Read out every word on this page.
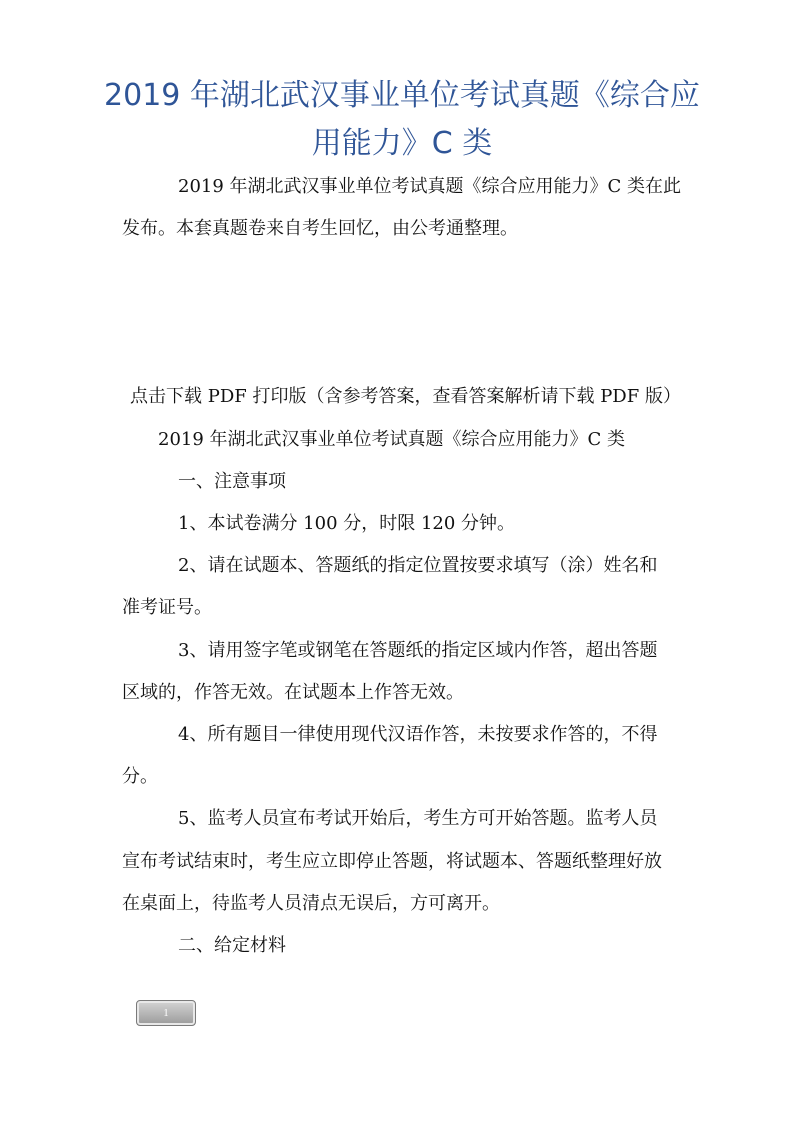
2019 年湖北武汉事业单位考试真题《综合应
用能力》C 类
2019 年湖北武汉事业单位考试真题《综合应用能力》C 类在此
发布。本套真题卷来自考生回忆，由公考通整理。
点击下载 PDF 打印版（含参考答案，查看答案解析请下载 PDF 版）
2019 年湖北武汉事业单位考试真题《综合应用能力》C 类
一、注意事项
1、本试卷满分 100 分，时限 120 分钟。
2、请在试题本、答题纸的指定位置按要求填写（涂）姓名和
准考证号。
3、请用签字笔或钢笔在答题纸的指定区域内作答，超出答题
区域的，作答无效。在试题本上作答无效。
4、所有题目一律使用现代汉语作答，未按要求作答的，不得
分。
5、监考人员宣布考试开始后，考生方可开始答题。监考人员
宣布考试结束时，考生应立即停止答题，将试题本、答题纸整理好放
在桌面上，待监考人员清点无误后，方可离开。
二、给定材料
1
